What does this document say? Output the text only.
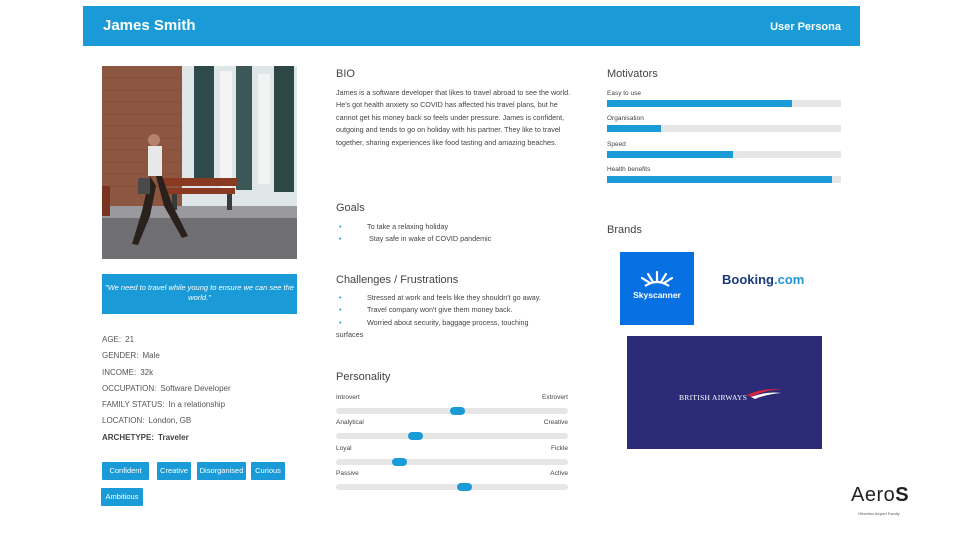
James Smith	User Persona
"We need to travel while young to ensure we can see the world."
AGE: 21
GENDER: Male
INCOME: 32k
OCCUPATION: Software Developer
FAMILY STATUS: In a relationship
LOCATION: London, GB
ARCHETYPE: Traveler
Confident	Creative	Disorganised	Curious
Ambitious
BIO
James is a software developer that likes to travel abroad to see the world. He's got health anxiety so COVID has affected his travel plans, but he cannot get his money back so feels under pressure. James is confident, outgoing and tends to go on holiday with his partner. They like to travel together, sharing experiences like food tasting and amazing beaches.
Goals
•	To take a relaxing holiday
•	Stay safe in wake of COVID pandemic
Challenges / Frustrations
•	Stressed at work and feels like they shouldn't go away.
•	Travel company won't give them money back.
•	Worried about security, baggage process, touching
surfaces
Personality
Introvert	Extrovert
Analytical	Creative
Loyal	Fickle
Passive	Active
Motivators
Easy to use
Organisation
Speed
Health benefits
Brands
Skyscanner
Booking.com
BRITISH AIRWAYS
AeroS
Otherlinc Airport Family
